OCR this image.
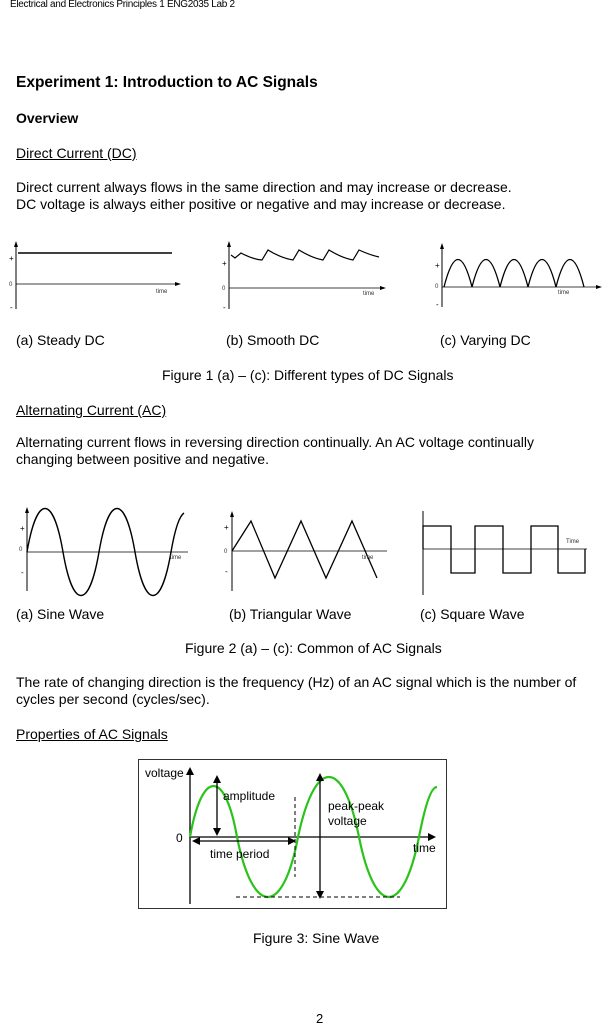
Electrical and Electronics Principles 1 ENG2035 Lab 2
Experiment 1: Introduction to AC Signals
Overview
Direct Current (DC)
Direct current always flows in the same direction and may increase or decrease.
DC voltage is always either positive or negative and may increase or decrease.
+
0
-
time
+
0
-
time
+
0
-
time
(a) Steady DC	(b) Smooth DC	(c) Varying DC
Figure 1 (a) – (c): Different types of DC Signals
Alternating Current (AC)
Alternating current flows in reversing direction continually. An AC voltage continually
changing between positive and negative.
+
0
-
time
+
0
-
time
Time
(a) Sine Wave	(b) Triangular Wave	(c) Square Wave
Figure 2 (a) – (c): Common of AC Signals
The rate of changing direction is the frequency (Hz) of an AC signal which is the number of
cycles per second (cycles/sec).
Properties of AC Signals
voltage
amplitude
peak-peak
voltage
0
time
time period
Figure 3: Sine Wave
2
